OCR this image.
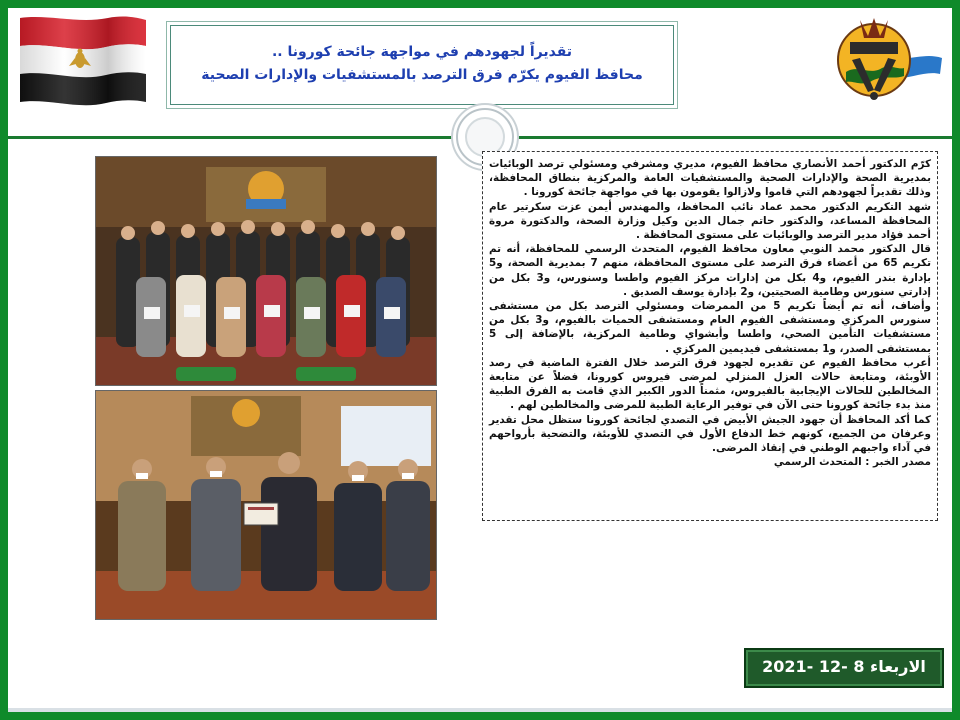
تقديراً لجهودهم في مواجهة جائحة كورونا ..
محافظ الفيوم يكرّم فرق الترصد بالمستشفيات والإدارات الصحية

كرّم الدكتور أحمد الأنصاري محافظ الفيوم، مديري ومشرفي ومسئولي ترصد الوبائيات بمديرية الصحة والإدارات الصحية والمستشفيات العامة والمركزية بنطاق المحافظة، وذلك تقديراً لجهودهم التي قاموا ولازالوا يقومون بها في مواجهة جائحة كورونا .

شهد التكريم الدكتور محمد عماد نائب المحافظ، والمهندس أيمن عزت سكرتير عام المحافظة المساعد، والدكتور حاتم جمال الدين وكيل وزارة الصحة، والدكتورة مروة أحمد فؤاد مدير الترصد والوبائيات على مستوى المحافظة .

قال الدكتور محمد النوبي معاون محافظ الفيوم، المتحدث الرسمي للمحافظة، أنه تم تكريم 65 من أعضاء فرق الترصد على مستوى المحافظة، منهم 7 بمديرية الصحة، و5 بإدارة بندر الفيوم، و4 بكل من إدارات مركز الفيوم واطسا وسنورس، و3 بكل من إدارتي سنورس وطامية الصحيتين، و2 بإدارة يوسف الصديق .

وأضاف، أنه تم أيضاً تكريم 5 من الممرضات ومسئولي الترصد بكل من مستشفى سنورس المركزي ومستشفى الفيوم العام ومستشفى الحميات بالفيوم، و3 بكل من مستشفيات التأمين الصحي، واطسا وأبشواي وطامية المركزية، بالإضافة إلى 5 بمستشفى الصدر، و1 بمستشفى فيديمين المركزي .

أعرب محافظ الفيوم عن تقديره لجهود فرق الترصد خلال الفترة الماضية في رصد الأوبئة، ومتابعة حالات العزل المنزلي لمرضى فيروس كورونا، فضلاً عن متابعة المخالطين للحالات الإيجابية بالفيروس، مثمناً الدور الكبير الذي قامت به الفرق الطبية منذ بدء جائحة كورونا حتى الآن في توفير الرعاية الطبية للمرضى والمخالطين لهم .

كما أكد المحافظ أن جهود الجيش الأبيض في التصدي لجائحة كورونا ستظل محل تقدير وعرفان من الجميع، كونهم خط الدفاع الأول في التصدي للأوبئة، والتضحية بأرواحهم في آداء واجبهم الوطني في إنقاذ المرضى.

مصدر الخبر : المتحدث الرسمي

الاربعاء 8 -12 -2021
